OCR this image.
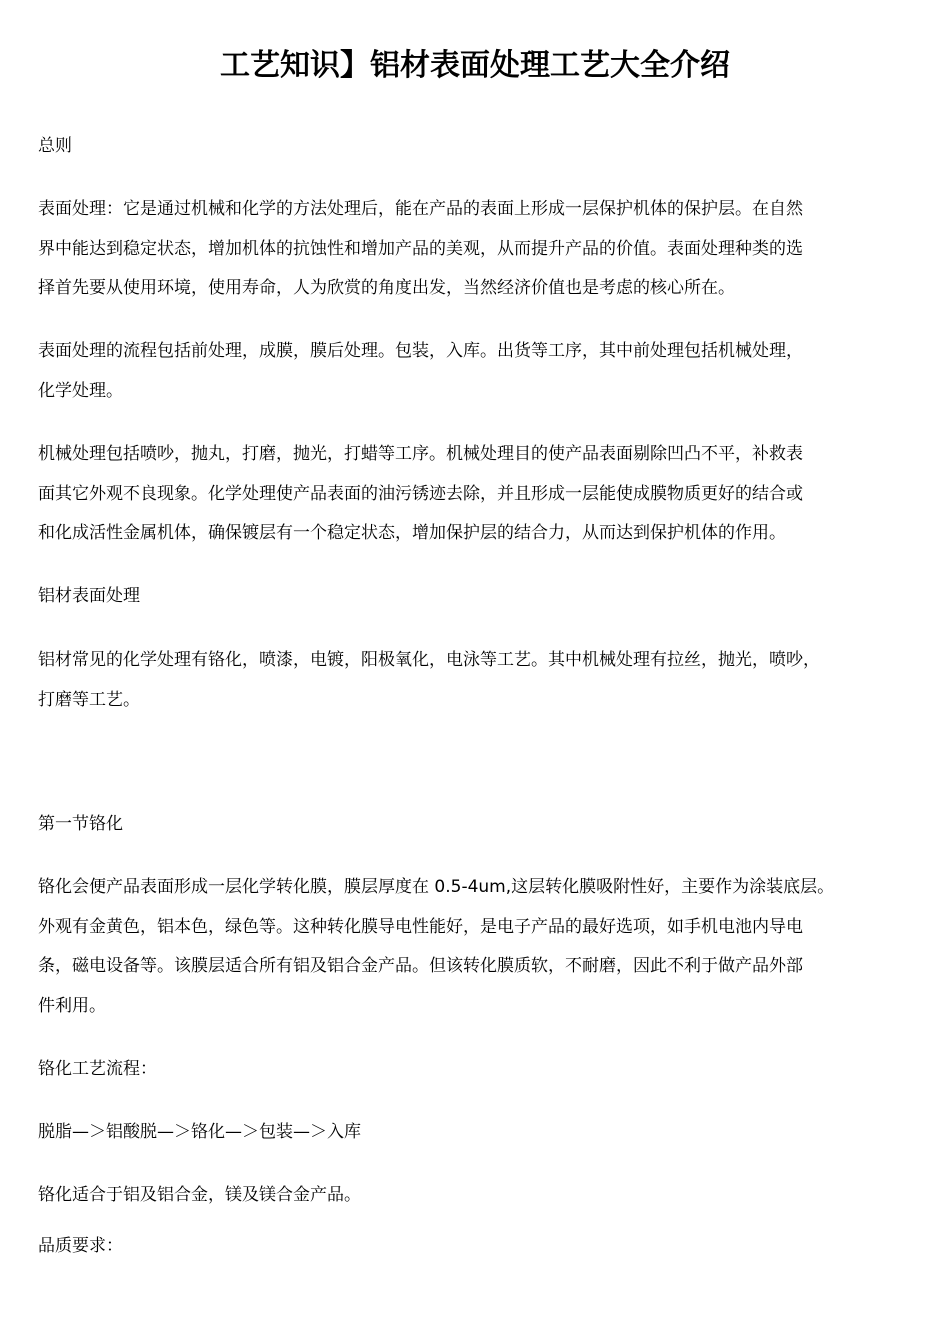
工艺知识】铝材表面处理工艺大全介绍

总则

表面处理：它是通过机械和化学的方法处理后，能在产品的表面上形成一层保护机体的保护层。在自然
界中能达到稳定状态，增加机体的抗蚀性和增加产品的美观，从而提升产品的价值。表面处理种类的选
择首先要从使用环境，使用寿命，人为欣赏的角度出发，当然经济价值也是考虑的核心所在。

表面处理的流程包括前处理，成膜，膜后处理。包装，入库。出货等工序，其中前处理包括机械处理，
化学处理。

机械处理包括喷吵，抛丸，打磨，抛光，打蜡等工序。机械处理目的使产品表面剔除凹凸不平，补救表
面其它外观不良现象。化学处理使产品表面的油污锈迹去除，并且形成一层能使成膜物质更好的结合或
和化成活性金属机体，确保镀层有一个稳定状态，增加保护层的结合力，从而达到保护机体的作用。

铝材表面处理

铝材常见的化学处理有铬化，喷漆，电镀，阳极氧化，电泳等工艺。其中机械处理有拉丝，抛光，喷吵，
打磨等工艺。

第一节铬化

铬化会便产品表面形成一层化学转化膜，膜层厚度在 0.5-4um,这层转化膜吸附性好，主要作为涂装底层。
外观有金黄色，铝本色，绿色等。这种转化膜导电性能好，是电子产品的最好选项，如手机电池内导电
条，磁电设备等。该膜层适合所有铝及铝合金产品。但该转化膜质软，不耐磨，因此不利于做产品外部
件利用。

铬化工艺流程：

脱脂—＞铝酸脱—＞铬化—＞包装—＞入库

铬化适合于铝及铝合金，镁及镁合金产品。

品质要求：
